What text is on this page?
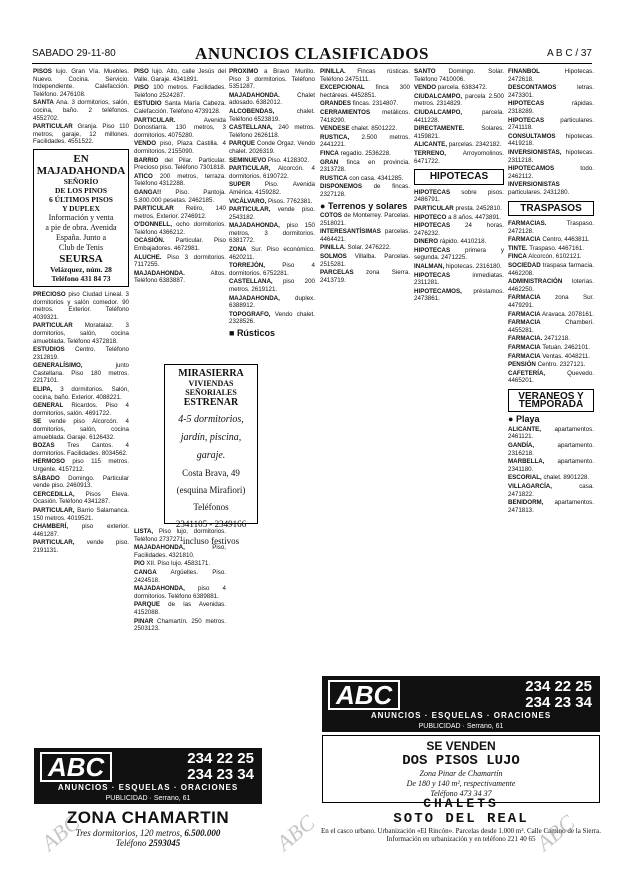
SABADO 29-11-80	ANUNCIOS CLASIFICADOS	A B C / 37

PISOS lujo. Gran Vía. Muebles. Nuevo. Cocina. Servicio. Independiente. Calefacción. Teléfono. 2476108.

SANTA Ana. 3 dormitorios, salón, cocina, baño. 2 teléfonos. 4552702.

PARTICULAR Granja. Piso 110 metros, garaje, 12 millones. Facilidades. 4551522.

EN MAJADAHONDA
SEÑORÍO
DE LOS PINOS
6 ÚLTIMOS PISOS
Y DUPLEX
Información y venta
a pie de obra. Avenida
España. Junto a
Club de Tenis
SEURSA
Velázquez, núm. 28
Teléfono 431 84 73

PRECIOSO piso Ciudad Lineal. 3 dormitorios y salón comedor. 90 metros. Exterior. Teléfono 4039321.

PARTICULAR Moratalaz. 3 dormitorios, salón, cocina amueblada. Teléfono 4372818.

ESTUDIOS Centro. Teléfono 2312819.

GENERALÍSIMO,	junto Castellana. Piso 180 metros. 2217101.

ELIPA, 3 dormitorios. Salón, cocina, baño. Exterior. 4088221.

GENERAL Ricardos. Piso 4 dormitorios, salón. 4691722.

SE vende piso Alcorcón. 4 dormitorios, salón, cocina amueblada. Garaje. 6126432.

BOZAS Tres Cantos. 4 dormitorios. Facilidades. 8034562.

HERMOSO piso 115 metros. Urgente. 4157212.

SÁBADO Domingo. Particular vende piso. 2460913.

CERCEDILLA, Pisos Eleva. Ocasión. Teléfono 4341287.

PARTICULAR, Barrio Salamanca. 150 metros. 4019521.

CHAMBERÍ, piso exterior. 4461287.

PARTICULAR, vende piso. 2191131.

PISO lujo. Alto, calle Jesús del Valle. Garaje. 4341891.

PISO 100 metros. Facilidades. Teléfono 2524287.

ESTUDIO Santa María Cabeza. Calefacción. Teléfono 4739128.

PARTICULAR.	Avenida Donostiarra. 130 metros, 3 dormitorios. 4075280.

VENDO piso, Plaza Castilla. 4 dormitorios. 2155090.

BARRIO del Pilar. Particular. Precioso piso. Teléfono 7301818.

ATICO 200 metros, terraza. Teléfono 4312288.

GANGA!! Piso. Pantoja. 5.800.000 pesetas. 2462185.

PARTICULAR Retiro, 140 metros. Exterior. 2746912.

O'DONNELL, ocho dormitorios. Teléfono 4366212.

OCASIÓN. Particular. Piso Embajadores. 4672981.

ALUCHE. Piso 3 dormitorios. 7117255.

MAJADAHONDA.	Altos. Teléfono 6383887.

LISTA, Piso lujo, dormitorios. Teléfono 2737271.

MAJADAHONDA,	Piso, Facilidades. 4321810.

PIO XII. Piso lujo. 4583171.

CANGA Argüelles. Piso. 2424518.

MAJADAHONDA, piso 4 dormitorios. Teléfono 6389881.

PARQUE de las Avenidas. 4152088.

PINAR Chamartín. 250 metros. 2503123.

MIRASIERRA
VIVIENDAS SEÑORIALES
ESTRENAR
4-5 dormitorios,
jardín, piscina,
garaje.
Costa Brava, 49
(esquina Mirafiori)
Teléfonos
2341105 - 2349166
incluso festivos

PROXIMO a Bravo Murillo. Piso 3 dormitorios. Teléfono 5351287.

MAJADAHONDA.	Chalet adosado. 6382012.

ALCOBENDAS,	chalet. Teléfono 6523819.

CASTELLANA, 240 metros. Teléfono 2626118.

PARQUE Conde Orgaz. Vendo chalet. 2026319.

SEMINUEVO Piso. 4128302.

PARTICULAR, Alcorcón. 4 dormitorios. 6190722.

SUPER Piso. Avenida América. 4159282.

VICÁLVARO, Pisos. 7762381.

PARTICULAR, vende piso. 2543182.

MAJADAHONDA, piso 150 metros, 3 dormitorios. 6381772.

ZONA Sur. Piso económico. 4620211.

TORREJÓN,	Piso 4 dormitorios. 6752281.

CASTELLANA, piso 200 metros. 2619121.

MAJADAHONDA, duplex. 6388912.

TOPOGRAFO, Vendo chalet. 2328526.

■ Rústicos

PINILLA. Fincas rústicas. Teléfono 2475111.

EXCEPCIONAL finca 300 hectáreas. 4452851.

GRANDES fincas. 2314807.

CERRAMIENTOS metálicos. 7418290.

VENDESE chalet. 8501222.

RUSTICA, 2.500 metros. 2441221.

FINCA regadío. 2536228.

GRAN finca en provincia. 2313728.

RUSTICA con casa. 4341285.

DISPONEMOS de fincas. 2327128.

● Terrenos y solares

COTOS de Monterrey. Parcelas. 2518021.

INTERESANTÍSIMAS parcelas. 4464421.

PINILLA. Solar. 2476222.

SOLMOS Villalba. Parcelas. 2515281.

PARCELAS zona Sierra. 2413719.

SANTO Domingo. Solar. Teléfono 7410006.

VENDO parcela. 6383472.

CIUDALCAMPO, parcela 2.500 metros. 2314829.

CIUDALCAMPO,	parcela. 4411228.

DIRECTAMENTE.	Solares. 4159821.

ALICANTE, parcelas. 2342182.

TERRENO,	Arroyomolinos. 6471722.

HIPOTECAS

HIPOTECAS sobre pisos. 2486791.

PARTICULAR presta. 2452810.

HIPOTECO a 8 años. 4473891.

HIPOTECAS 24 horas. 2476232.

DINERO rápido. 4410218.

HIPOTECAS primera y segunda. 2471225.

INALMAN, hipotecas. 2316180.

HIPOTECAS	inmediatas. 2311281.

HIPOTECAMOS, préstamos. 2473861.

FINANBOL	Hipotecas. 2472618.

DESCONTAMOS	letras. 2473301.

HIPOTECAS	rápidas. 2318289.

HIPOTECAS	particulares. 2741118.

CONSULTAMOS hipotecas. 4419218.

INVERSIONISTAS, hipotecas. 2311218.

HIPOTECAMOS	todo. 2462112.

INVERSIONISTAS particulares. 2431280.

TRASPASOS

FARMACIAS.	Traspaso. 2472128.

FARMACIA Centro. 4463811.

TINTE. Traspaso. 4467161.

FINCA Alcorcón. 6102121.

SOCIEDAD traspasa farmacia. 4462208.

ADMINISTRACIÓN loterías. 4462250.

FARMACIA zona Sur. 4479291.

FARMACIA Aravaca. 2078161.

FARMACIA	Chamberí. 4455281.

FARMACIA. 2471218.

FARMACIA Tetuán. 2462101.

FARMACIA Ventas. 4048211.

PENSIÓN Centro. 2327121.

CAFETERÍA,	Quevedo. 4465201.

VERANEOS Y TEMPORADA
● Playa

ALICANTE, apartamentos. 2461121.

GANDÍA,	apartamento. 2316218.

MARBELLA, apartamento. 2341180.

ESCORIAL, chalet. 8901228.

VILLAGARCÍA,	casa. 2471822.

BENIDORM, apartamentos. 2471813.

ABC	234 22 25
234 23 34
ANUNCIOS · ESQUELAS · ORACIONES
PUBLICIDAD · Serrano, 61
ABC	234 22 25
234 23 34
ANUNCIOS · ESQUELAS · ORACIONES
PUBLICIDAD · Serrano, 61
ZONA CHAMARTIN
Tres dormitorios, 120 metros, 6.500.000
Teléfono 2593045
SE VENDEN
DOS PISOS LUJO
Zona Pinar de Chamartín
De 180 y 140 m², respectivamente
Teléfono 473 34 37
CHALETS
SOTO DEL REAL
En el casco urbano. Urbanización «El Rincón». Parcelas desde 1.000 m². Calle Camino de la Sierra. Información en urbanización y en teléfono 221 40 65
ABC	ABC	ABC
